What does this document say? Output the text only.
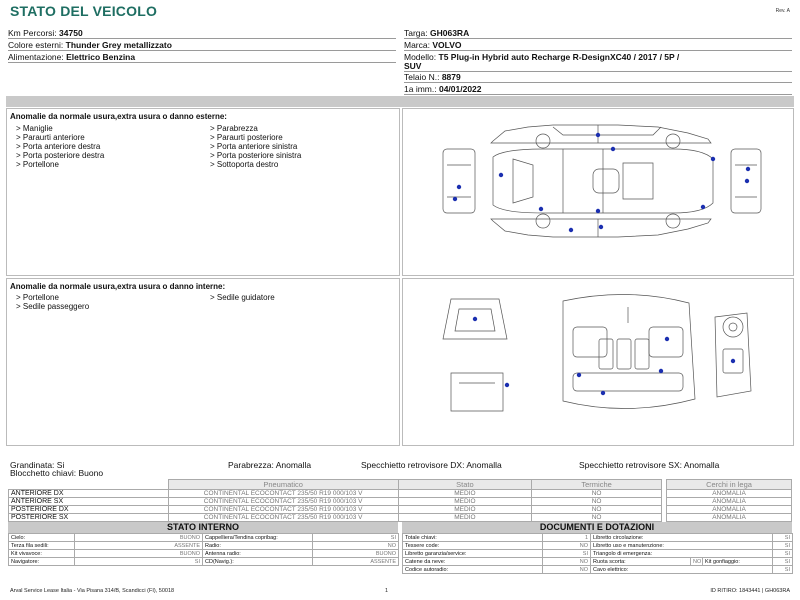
STATO DEL VEICOLO	Rev. A
Km Percorsi: 34750
Colore esterni: Thunder Grey metallizzato
Alimentazione: Elettrico Benzina
Targa: GH063RA
Marca: VOLVO
Modello: T5 Plug-in Hybrid auto Recharge R-DesignXC40 / 2017 / 5P /
SUV
Telaio N.: 8879
1a imm.: 04/01/2022
Anomalie da normale usura,extra usura o danno esterne:
> Maniglie
> Paraurti anteriore
> Porta anteriore destra
> Porta posteriore destra
> Portellone
> Parabrezza
> Paraurti posteriore
> Porta anteriore sinistra
> Porta posteriore sinistra
> Sottoporta destro
Anomalie da normale usura,extra usura o danno interne:
> Portellone
> Sedile passeggero
> Sedile guidatore
Grandinata: Si	Parabrezza: Anomalla	Specchietto retrovisore DX: Anomalla	Specchietto retrovisore SX: Anomalla
Blocchetto chiavi: Buono
	Pneumatico	Stato	Termiche
ANTERIORE DX	CONTINENTAL ECOCONTACT 235/50 R19 000/103 V	MEDIO	NO
ANTERIORE SX	CONTINENTAL ECOCONTACT 235/50 R19 000/103 V	MEDIO	NO
POSTERIORE DX	CONTINENTAL ECOCONTACT 235/50 R19 000/103 V	MEDIO	NO
POSTERIORE SX	CONTINENTAL ECOCONTACT 235/50 R19 000/103 V	MEDIO	NO
Cerchi in lega
ANOMALIA
ANOMALIA
ANOMALIA
ANOMALIA
STATO INTERNO
Cielo:	BUONO	Cappelliera/Tendina copribag:	SI
Terza fila sedili:	ASSENTE	Radio:	NO
Kit vivavoce:	BUONO	Antenna radio:	BUONO
Navigatore:	SI	CD(Navig.):	ASSENTE
DOCUMENTI E DOTAZIONI
Totale chiavi:	1	Libretto circolazione:			SI
Tessere code:	NO	Libretto uso e manutenzione:			SI
Libretto garanzia/service:	SI	Triangolo di emergenza:			SI
Catene da neve:	NO	Ruota scorta:	NO	Kit gonfiaggio:	SI
Codice autoradio:	NO	Cavo elettrico:			SI
Arval Service Lease Italia - Via Pisana 314/B, Scandicci (FI), 50018	1	ID RITIRO: 1843441 | GH063RA
